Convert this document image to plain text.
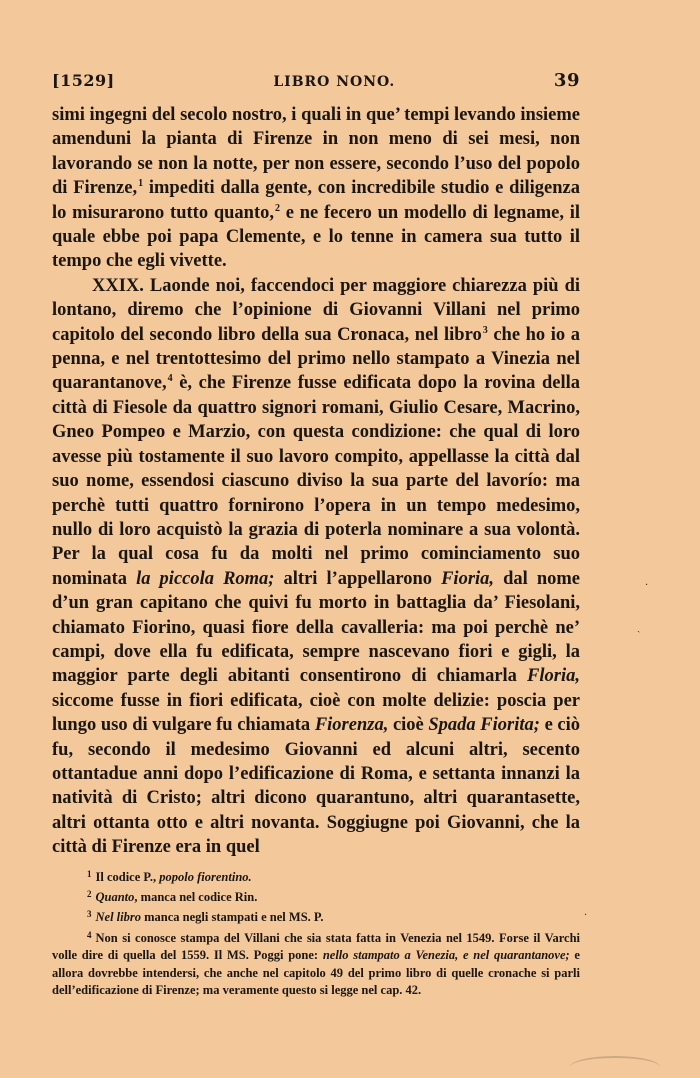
[1529]	LIBRO NONO.	39

simi ingegni del secolo nostro, i quali in que’ tempi levando insieme amenduni la pianta di Firenze in non meno di sei mesi, non lavorando se non la notte, per non essere, secondo l’uso del popolo di Firenze,$^1$ impediti dalla gente, con incredibile studio e diligenza lo misurarono tutto quanto,$^2$ e ne fecero un modello di legname, il quale ebbe poi papa Clemente, e lo tenne in camera sua tutto il tempo che egli vivette.

XXIX. Laonde noi, faccendoci per maggiore chiarezza più di lontano, diremo che l’opinione di Giovanni Villani nel primo capitolo del secondo libro della sua Cronaca, nel libro$^3$ che ho io a penna, e nel trentottesimo del primo nello stampato a Vinezia nel quarantanove,$^4$ è, che Firenze fusse edificata dopo la rovina della città di Fiesole da quattro signori romani, Giulio Cesare, Macrino, Gneo Pompeo e Marzio, con questa condizione: che qual di loro avesse più tostamente il suo lavoro compito, appellasse la città dal suo nome, essendosi ciascuno diviso la sua parte del lavorío: ma perchè tutti quattro fornirono l’opera in un tempo medesimo, nullo di loro acquistò la grazia di poterla nominare a sua volontà. Per la qual cosa fu da molti nel primo cominciamento suo nominata la piccola Roma; altri l’appellarono Fioria, dal nome d’un gran capitano che quivi fu morto in battaglia da’ Fiesolani, chiamato Fiorino, quasi fiore della cavalleria: ma poi perchè ne’ campi, dove ella fu edificata, sempre nascevano fiori e gigli, la maggior parte degli abitanti consentirono di chiamarla Floria, siccome fusse in fiori edificata, cioè con molte delizie: poscia per lungo uso di vulgare fu chiamata Fiorenza, cioè Spada Fiorita; e ciò fu, secondo il medesimo Giovanni ed alcuni altri, secento ottantadue anni dopo l’edificazione di Roma, e settanta innanzi la natività di Cristo; altri dicono quarantuno, altri quarantasette, altri ottanta otto e altri novanta. Soggiugne poi Giovanni, che la città di Firenze era in quel

$^1$ Il codice P., popolo fiorentino.
$^2$ Quanto, manca nel codice Rin.
$^3$ Nel libro manca negli stampati e nel MS. P.
$^4$ Non si conosce stampa del Villani che sia stata fatta in Venezia nel 1549. Forse il Varchi volle dire di quella del 1559. Il MS. Poggi pone: nello stampato a Venezia, e nel quarantanove; e allora dovrebbe intendersi, che anche nel capitolo 49 del primo libro di quelle cronache si parli dell’edificazione di Firenze; ma veramente questo si legge nel cap. 42.
·
ˎ
·
